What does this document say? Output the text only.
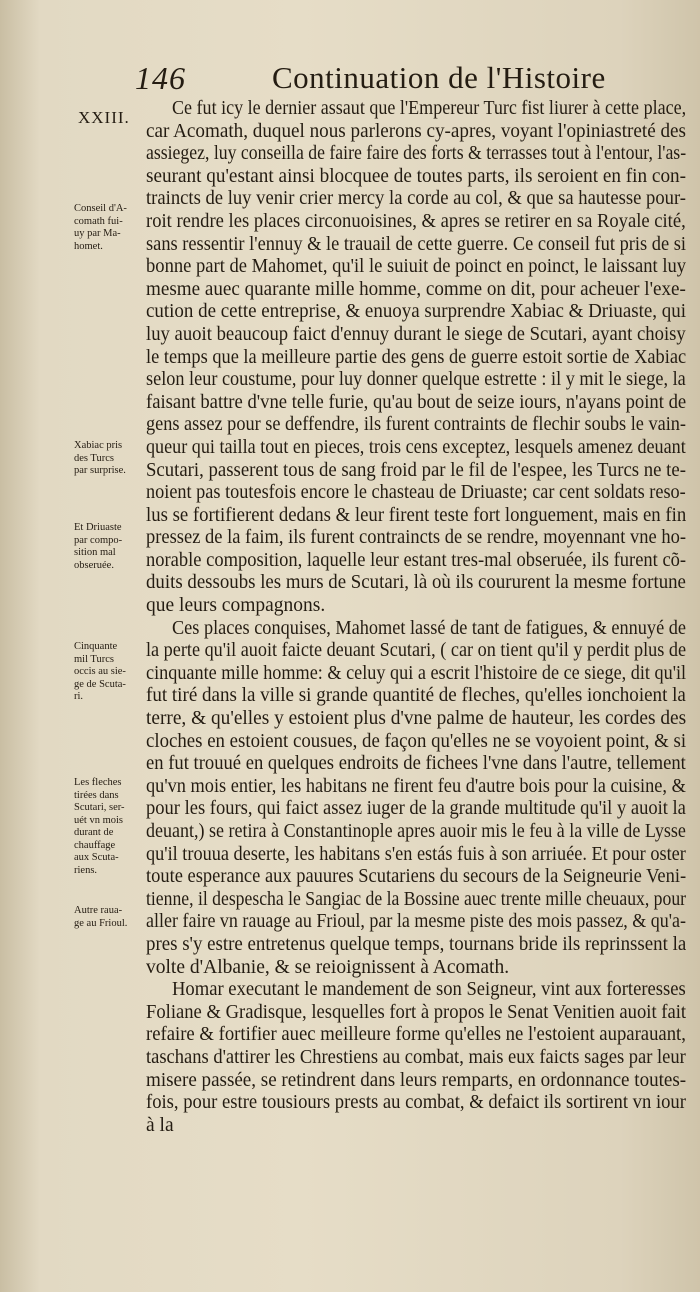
146	Continuation de l'Histoire
XXIII.	Ce fut icy le dernier assaut que l'Empereur Turc fist liurer à cette place,
car Acomath, duquel nous parlerons cy-apres, voyant l'opiniastreté des
assiegez, luy conseilla de faire faire des forts & terrasses tout à l'entour, l'as-
seurant qu'estant ainsi blocquee de toutes parts, ils seroient en fin con-
traincts de luy venir crier mercy la corde au col, & que sa hautesse pour-
roit rendre les places circonuoisines, & apres se retirer en sa Royale cité,
sans ressentir l'ennuy & le trauail de cette guerre. Ce conseil fut pris de si
bonne part de Mahomet, qu'il le suiuit de poinct en poinct, le laissant luy
mesme auec quarante mille homme, comme on dit, pour acheuer l'exe-
cution de cette entreprise, & enuoya surprendre Xabiac & Driuaste, qui
luy auoit beaucoup faict d'ennuy durant le siege de Scutari, ayant choisy
le temps que la meilleure partie des gens de guerre estoit sortie de Xabiac
selon leur coustume, pour luy donner quelque estrette : il y mit le siege, la
faisant battre d'vne telle furie, qu'au bout de seize iours, n'ayans point de
gens assez pour se deffendre, ils furent contraints de flechir soubs le vain-
queur qui tailla tout en pieces, trois cens exceptez, lesquels amenez deuant
Scutari, passerent tous de sang froid par le fil de l'espee, les Turcs ne te-
noient pas toutesfois encore le chasteau de Driuaste; car cent soldats reso-
lus se fortifierent dedans & leur firent teste fort longuement, mais en fin
pressez de la faim, ils furent contraincts de se rendre, moyennant vne ho-
norable composition, laquelle leur estant tres-mal obseruée, ils furent cõ-
duits dessoubs les murs de Scutari, là où ils coururent la mesme fortune
que leurs compagnons.
Ces places conquises, Mahomet lassé de tant de fatigues, & ennuyé de
la perte qu'il auoit faicte deuant Scutari, ( car on tient qu'il y perdit plus de
cinquante mille homme: & celuy qui a escrit l'histoire de ce siege, dit qu'il
fut tiré dans la ville si grande quantité de fleches, qu'elles ionchoient la
terre, & qu'elles y estoient plus d'vne palme de hauteur, les cordes des
cloches en estoient cousues, de façon qu'elles ne se voyoient point, & si
en fut trouué en quelques endroits de fichees l'vne dans l'autre, tellement
qu'vn mois entier, les habitans ne firent feu d'autre bois pour la cuisine, &
pour les fours, qui faict assez iuger de la grande multitude qu'il y auoit la
deuant,) se retira à Constantinople apres auoir mis le feu à la ville de Lysse
qu'il trouua deserte, les habitans s'en estás fuis à son arriuée. Et pour oster
toute esperance aux pauures Scutariens du secours de la Seigneurie Veni-
tienne, il despescha le Sangiac de la Bossine auec trente mille cheuaux, pour
aller faire vn rauage au Frioul, par la mesme piste des mois passez, & qu'a-
pres s'y estre entretenus quelque temps, tournans bride ils reprinssent la
volte d'Albanie, & se reioignissent à Acomath.
Homar executant le mandement de son Seigneur, vint aux forteresses
Foliane & Gradisque, lesquelles fort à propos le Senat Venitien auoit fait
refaire & fortifier auec meilleure forme qu'elles ne l'estoient auparauant,
taschans d'attirer les Chrestiens au combat, mais eux faicts sages par leur
misere passée, se retindrent dans leurs remparts, en ordonnance toutes-
fois, pour estre tousiours prests au combat, & defaict ils sortirent vn iour
à la
Conseil d'A-
comath fui-
uy par Ma-
homet.
Xabiac pris
des Turcs
par surprise.
Et Driuaste
par compo-
sition mal
obseruée.
Cinquante
mil Turcs
occis au sie-
ge de Scuta-
ri.
Les fleches
tirées dans
Scutari, ser-
uét vn mois
durant de
chauffage
aux Scuta-
riens.
Autre raua-
ge au Frioul.
